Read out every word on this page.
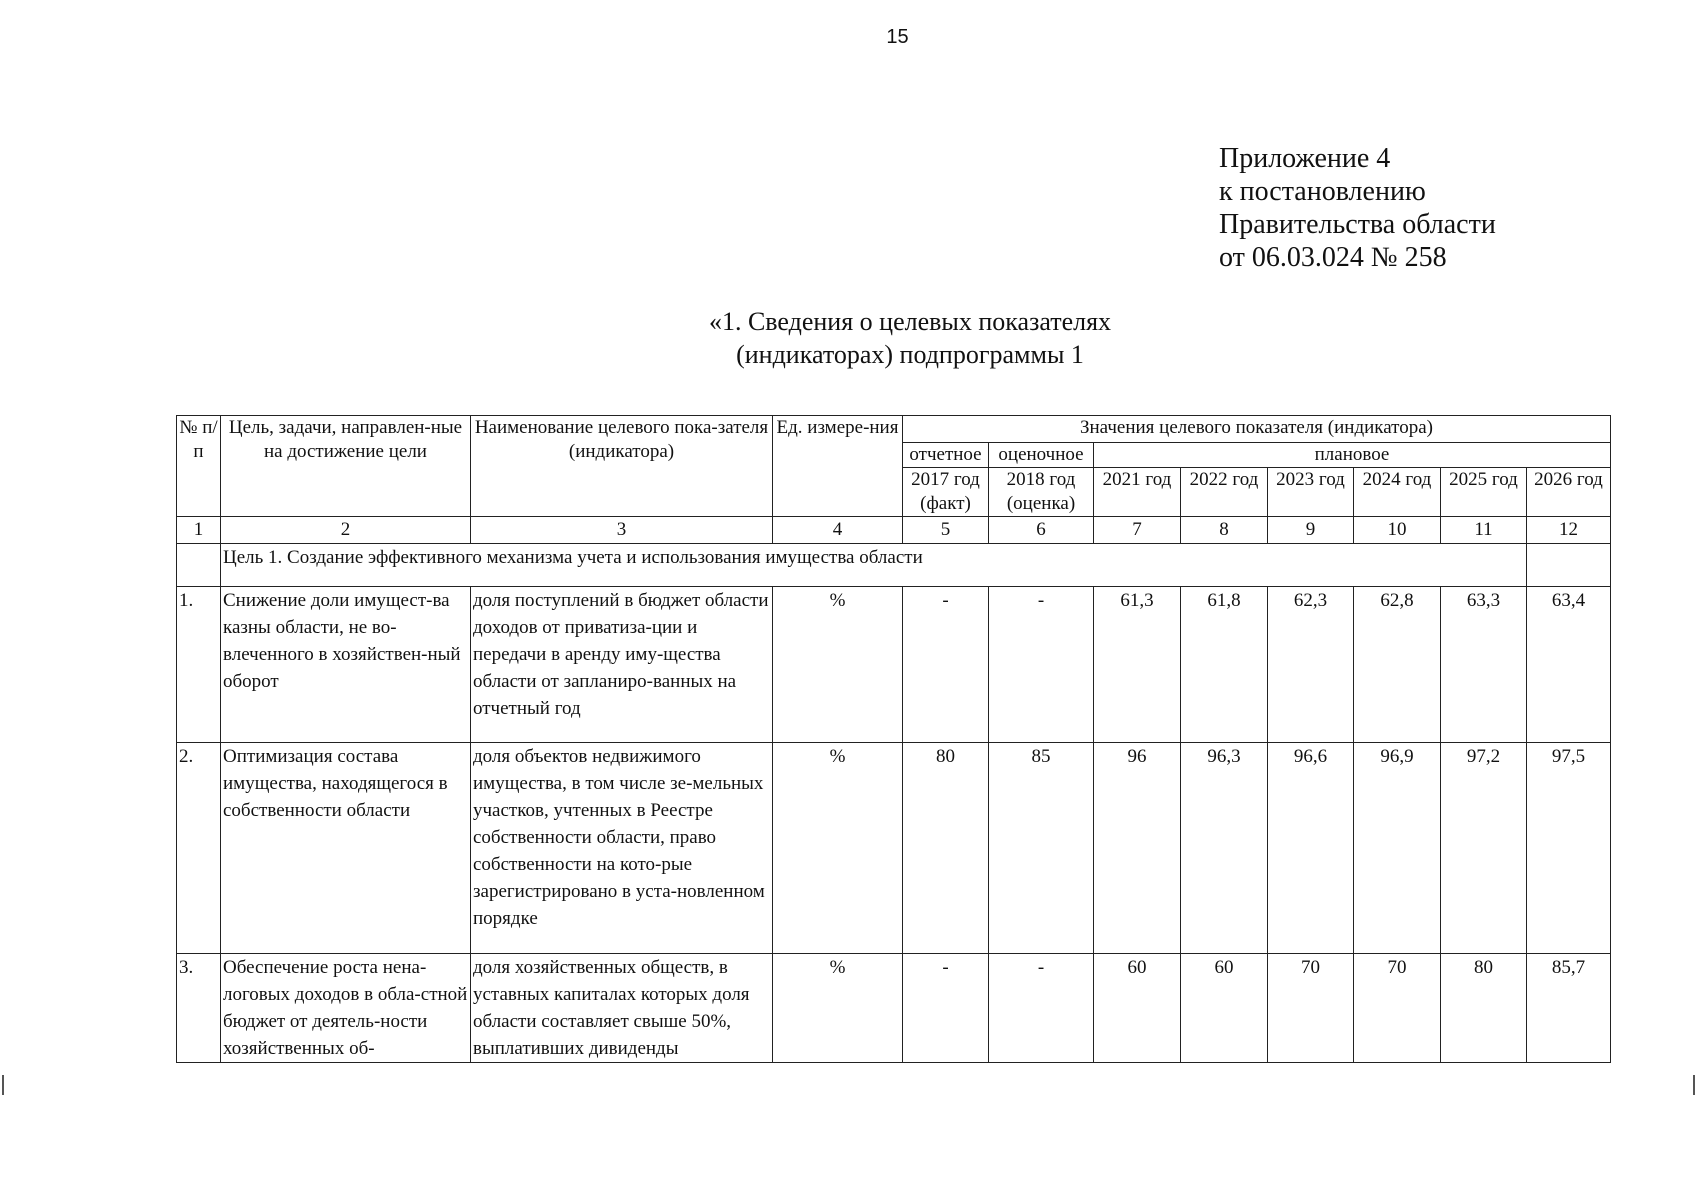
15
Приложение 4
к постановлению
Правительства области
от 06.03.024 № 258
«1. Сведения о целевых показателях
(индикаторах) подпрограммы 1
№ п/п	Цель, задачи, направлен-ные на достижение цели	Наименование целевого пока-зателя (индикатора)	Ед. измере-ния	Значения целевого показателя (индикатора)							
				отчетное	оценочное	плановое					
				2017 год (факт)	2018 год (оценка)	2021 год	2022 год	2023 год	2024 год	2025 год	2026 год
1	2	3	4	5	6	7	8	9	10	11	12
	Цель 1. Создание эффективного механизма учета и использования имущества области										
1.	Снижение доли имущест-ва казны области, не во-влеченного в хозяйствен-ный оборот	доля поступлений в бюджет области доходов от приватиза-ции и передачи в аренду иму-щества области от запланиро-ванных на отчетный год	%	-	-	61,3	61,8	62,3	62,8	63,3	63,4
2.	Оптимизация состава имущества, находящегося в собственности области	доля объектов недвижимого имущества, в том числе зе-мельных участков, учтенных в Реестре собственности области, право собственности на кото-рые зарегистрировано в уста-новленном порядке	%	80	85	96	96,3	96,6	96,9	97,2	97,5
3.	Обеспечение роста нена-логовых доходов в обла-стной бюджет от деятель-ности хозяйственных об-	доля хозяйственных обществ, в уставных капиталах которых доля области составляет свыше 50%, выплативших дивиденды	%	-	-	60	60	70	70	80	85,7
